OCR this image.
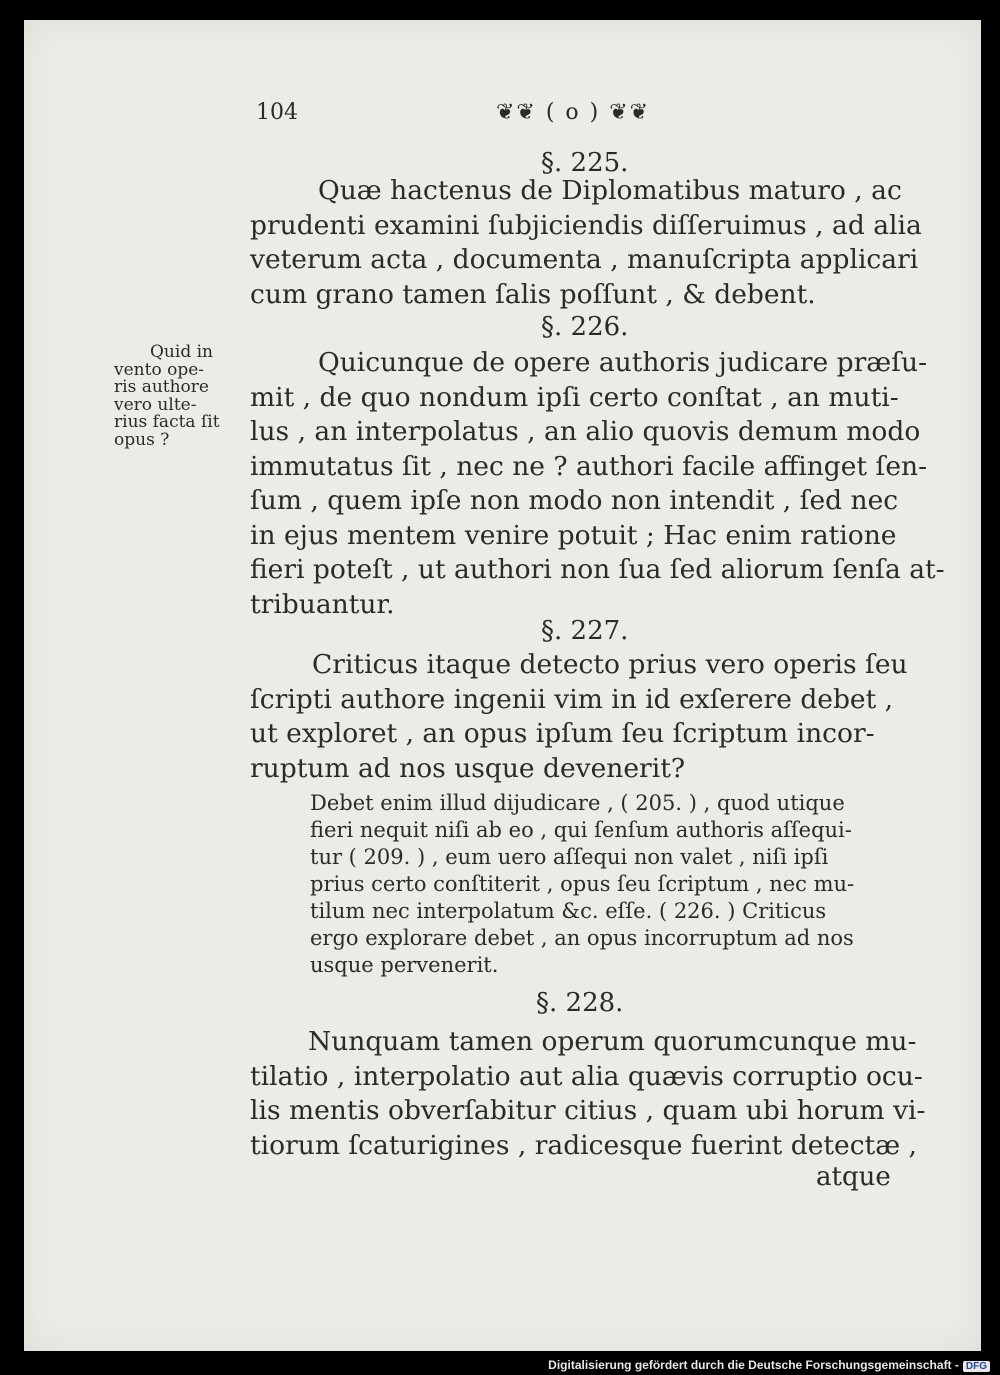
104	❦❦ ( o ) ❦❦
§. 225.
Quæ hactenus de Diplomatibus maturo , ac
prudenti examini ſubjiciendis diſſeruimus , ad alia
veterum acta , documenta , manuſcripta applicari
cum grano tamen ſalis poſſunt , & debent.
§. 226.
Quid in
vento ope-
ris authore
vero ulte-
rius facta ſit
opus ?
Quicunque de opere authoris judicare præſu-
mit , de quo nondum ipſi certo conſtat , an muti-
lus , an interpolatus , an alio quovis demum modo
immutatus ſit , nec ne ? authori facile affinget ſen-
ſum , quem ipſe non modo non intendit , ſed nec
in ejus mentem venire potuit ; Hac enim ratione
fieri poteſt , ut authori non ſua ſed aliorum ſenſa at-
tribuantur.
§. 227.
Criticus itaque detecto prius vero operis ſeu
ſcripti authore ingenii vim in id exſerere debet ,
ut exploret , an opus ipſum ſeu ſcriptum incor-
ruptum ad nos usque devenerit?
Debet enim illud dijudicare , ( 205. ) , quod utique
fieri nequit niſi ab eo , qui ſenſum authoris aſſequi-
tur ( 209. ) , eum uero aſſequi non valet , niſi ipſi
prius certo conſtiterit , opus ſeu ſcriptum , nec mu-
tilum nec interpolatum &c. eſſe. ( 226. ) Criticus
ergo explorare debet , an opus incorruptum ad nos
usque pervenerit.
§. 228.
Nunquam tamen operum quorumcunque mu-
tilatio , interpolatio aut alia quævis corruptio ocu-
lis mentis obverſabitur citius , quam ubi horum vi-
tiorum ſcaturigines , radicesque fuerint detectæ ,
atque
Digitalisierung gefördert durch die Deutsche Forschungsgemeinschaft - DFG
